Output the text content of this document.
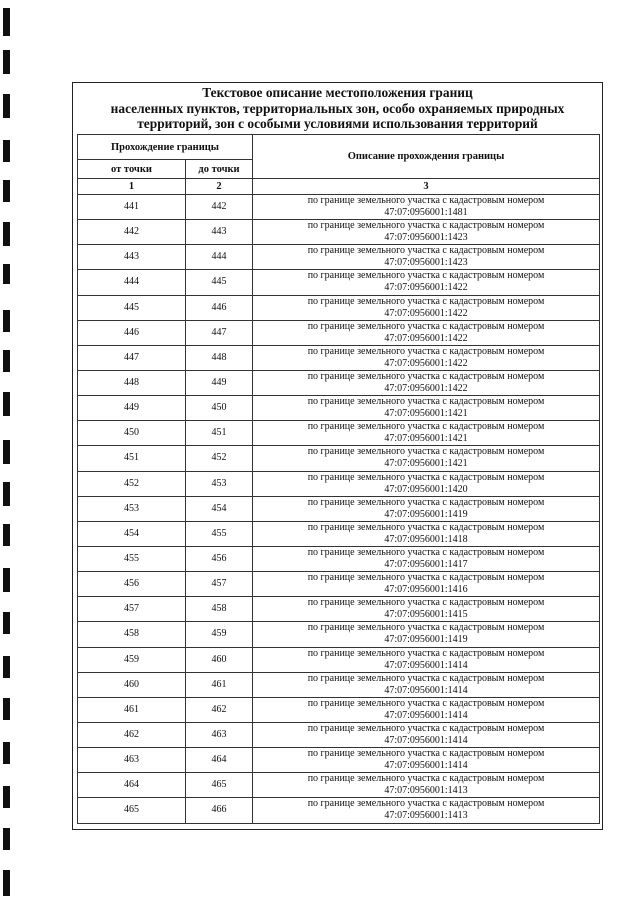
Текстовое описание местоположения границ
населенных пунктов, территориальных зон, особо охраняемых природных
территорий, зон с особыми условиями использования территорий
Прохождение границы		Описание прохождения границы
от точки	до точки	
1	2	3
441	442	по границе земельного участка с кадастровым номером
47:07:0956001:1481

442	443	по границе земельного участка с кадастровым номером
47:07:0956001:1423

443	444	по границе земельного участка с кадастровым номером
47:07:0956001:1423

444	445	по границе земельного участка с кадастровым номером
47:07:0956001:1422

445	446	по границе земельного участка с кадастровым номером
47:07:0956001:1422

446	447	по границе земельного участка с кадастровым номером
47:07:0956001:1422

447	448	по границе земельного участка с кадастровым номером
47:07:0956001:1422

448	449	по границе земельного участка с кадастровым номером
47:07:0956001:1422

449	450	по границе земельного участка с кадастровым номером
47:07:0956001:1421

450	451	по границе земельного участка с кадастровым номером
47:07:0956001:1421

451	452	по границе земельного участка с кадастровым номером
47:07:0956001:1421

452	453	по границе земельного участка с кадастровым номером
47:07:0956001:1420

453	454	по границе земельного участка с кадастровым номером
47:07:0956001:1419

454	455	по границе земельного участка с кадастровым номером
47:07:0956001:1418

455	456	по границе земельного участка с кадастровым номером
47:07:0956001:1417

456	457	по границе земельного участка с кадастровым номером
47:07:0956001:1416

457	458	по границе земельного участка с кадастровым номером
47:07:0956001:1415

458	459	по границе земельного участка с кадастровым номером
47:07:0956001:1419

459	460	по границе земельного участка с кадастровым номером
47:07:0956001:1414

460	461	по границе земельного участка с кадастровым номером
47:07:0956001:1414

461	462	по границе земельного участка с кадастровым номером
47:07:0956001:1414

462	463	по границе земельного участка с кадастровым номером
47:07:0956001:1414

463	464	по границе земельного участка с кадастровым номером
47:07:0956001:1414

464	465	по границе земельного участка с кадастровым номером
47:07:0956001:1413

465	466	по границе земельного участка с кадастровым номером
47:07:0956001:1413
